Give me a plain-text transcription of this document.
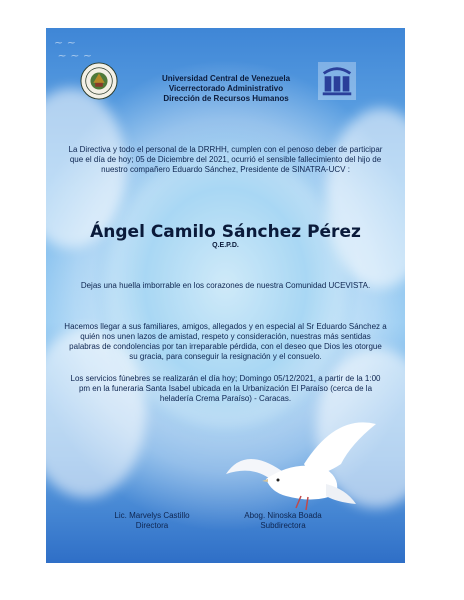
~ ~
~ ~ ~
Universidad Central de Venezuela
Vicerrectorado Administrativo
Dirección de Recursos Humanos
La Directiva y todo el personal de la DRRHH, cumplen con el penoso deber de participar que el día de hoy; 05 de Diciembre del 2021, ocurrió el sensible fallecimiento del hijo de nuestro compañero Eduardo Sánchez, Presidente de SINATRA-UCV :
Ángel Camilo Sánchez Pérez
Q.E.P.D.
Dejas una huella imborrable en los corazones de nuestra Comunidad UCEVISTA.
Hacemos llegar a sus familiares, amigos, allegados y en especial al Sr Eduardo Sánchez a quién nos unen lazos de amistad, respeto y consideración, nuestras más sentidas palabras de condolencias por tan irreparable pérdida, con el deseo que Dios les otorgue su gracia, para conseguir la resignación y el consuelo.
Los servicios fúnebres se realizarán el día hoy; Domingo 05/12/2021, a partir de la 1:00 pm en la funeraria Santa Isabel ubicada en la Urbanización El Paraíso (cerca de la heladería Crema Paraíso) - Caracas.
Lic. Marvelys Castillo
Directora
Abog. Ninoska Boada
Subdirectora
